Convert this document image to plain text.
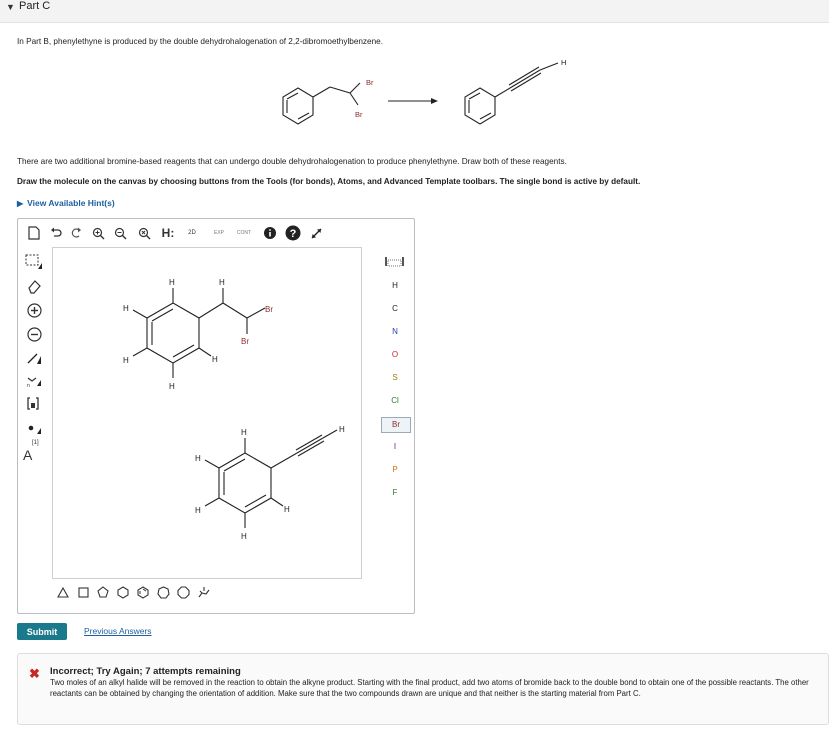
▼ Part C
In Part B, phenylethyne is produced by the double dehydrohalogenation of 2,2-dibromoethylbenzene.
Br
Br
H
There are two additional bromine-based reagents that can undergo double dehydrohalogenation to produce phenylethyne. Draw both of these reagents.
Draw the molecule on the canvas by choosing buttons from the Tools (for bonds), Atoms, and Advanced Template toolbars. The single bond is active by default.
▶ View Available Hint(s)
H:	2D	EXP	CONT	?
n
A
[1]
H	H
H
H
H
H
Br
Br
H	H
H
H
H
H
H
C
N
O
S
Cl
Br
I
P
F
Submit	Previous Answers
✖ Incorrect; Try Again; 7 attempts remaining
Two moles of an alkyl halide will be removed in the reaction to obtain the alkyne product. Starting with the final product, add two atoms of bromide back to the double bond to obtain one of the possible reactants. The other reactants can be obtained by changing the orientation of addition. Make sure that the two compounds drawn are unique and that neither is the starting material from Part C.
